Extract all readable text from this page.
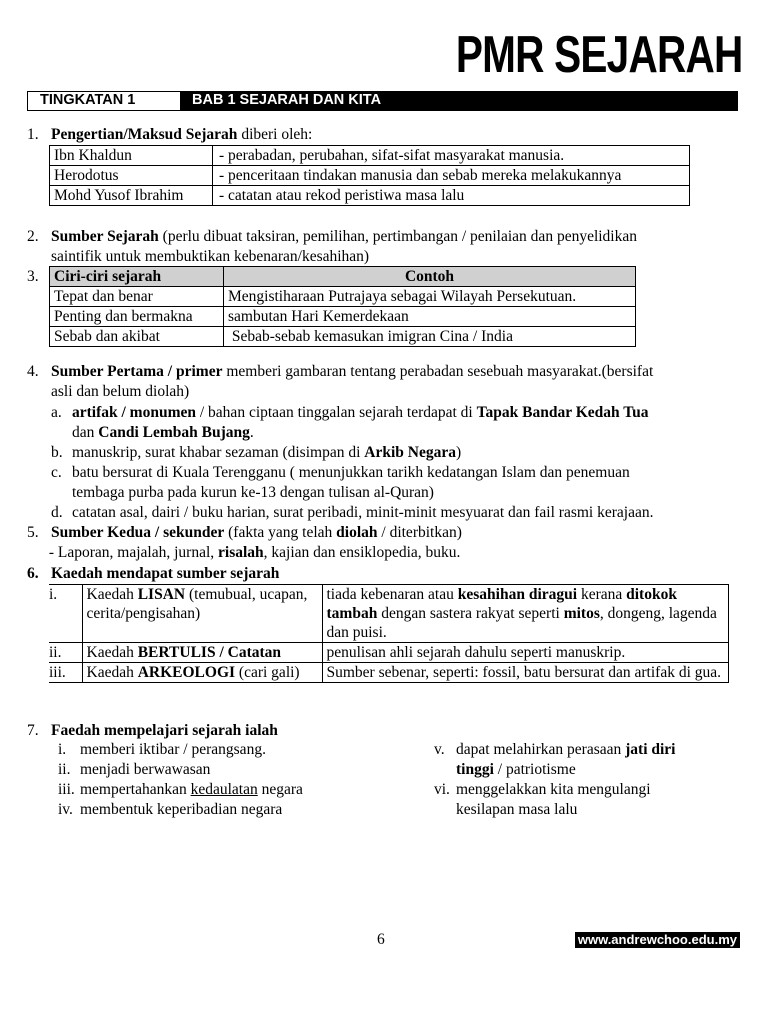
PMR SEJARAH
TINGKATAN 1	BAB 1 SEJARAH DAN KITA
1. Pengertian/Maksud Sejarah diberi oleh:
Ibn Khaldun	- perabadan, perubahan, sifat-sifat masyarakat manusia.
Herodotus	- penceritaan tindakan manusia dan sebab mereka melakukannya
Mohd Yusof Ibrahim	- catatan atau rekod peristiwa masa lalu
2. Sumber Sejarah (perlu dibuat taksiran, pemilihan, pertimbangan / penilaian dan penyelidikan
saintifik untuk membuktikan kebenaran/kesahihan)
3. Ciri-ciri sejarah	Contoh
Tepat dan benar	Mengistiharaan Putrajaya sebagai Wilayah Persekutuan.
Penting dan bermakna	sambutan Hari Kemerdekaan
Sebab dan akibat	Sebab-sebab kemasukan imigran Cina / India
4. Sumber Pertama / primer memberi gambaran tentang perabadan sesebuah masyarakat.(bersifat
asli dan belum diolah)
a. artifak / monumen / bahan ciptaan tinggalan sejarah terdapat di Tapak Bandar Kedah Tua
dan Candi Lembah Bujang.
b. manuskrip, surat khabar sezaman (disimpan di Arkib Negara)
c. batu bersurat di Kuala Terengganu ( menunjukkan tarikh kedatangan Islam dan penemuan
tembaga purba pada kurun ke-13 dengan tulisan al-Quran)
d. catatan asal, dairi / buku harian, surat peribadi, minit-minit mesyuarat dan fail rasmi kerajaan.
5. Sumber Kedua / sekunder (fakta yang telah diolah / diterbitkan)
- Laporan, majalah, jurnal, risalah, kajian dan ensiklopedia, buku.
6. Kaedah mendapat sumber sejarah
i.	Kaedah LISAN (temubual, ucapan, cerita/pengisahan)	tiada kebenaran atau kesahihan diragui kerana ditokok tambah dengan sastera rakyat seperti mitos, dongeng, lagenda dan puisi.
ii.	Kaedah BERTULIS / Catatan	penulisan ahli sejarah dahulu seperti manuskrip.
iii.	Kaedah ARKEOLOGI (cari gali)	Sumber sebenar, seperti: fossil, batu bersurat dan artifak di gua.
7. Faedah mempelajari sejarah ialah
i. memberi iktibar / perangsang.
ii. menjadi berwawasan
iii. mempertahankan kedaulatan negara
iv. membentuk keperibadian negara
v. dapat melahirkan perasaan jati diri
tinggi / patriotisme
vi. menggelakkan kita mengulangi
kesilapan masa lalu
6	www.andrewchoo.edu.my
